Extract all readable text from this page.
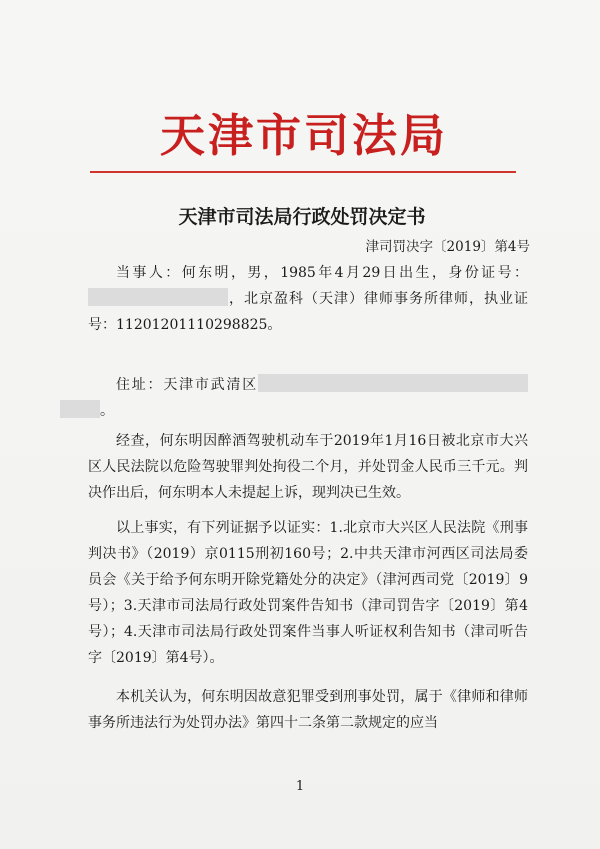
天津市司法局
天津市司法局行政处罚决定书
津司罚决字〔2019〕第4号
当事人：何东明，男，1985年4月29日出生，身份证号：，北京盈科（天津）律师事务所律师，执业证号：11201201110298825。
住址：天津市武清区 。
经查，何东明因醉酒驾驶机动车于2019年1月16日被北京市大兴区人民法院以危险驾驶罪判处拘役二个月，并处罚金人民币三千元。判决作出后，何东明本人未提起上诉，现判决已生效。
以上事实，有下列证据予以证实：1.北京市大兴区人民法院《刑事判决书》（2019）京0115刑初160号；2.中共天津市河西区司法局委员会《关于给予何东明开除党籍处分的决定》（津河西司党〔2019〕9号）；3.天津市司法局行政处罚案件告知书（津司罚告字〔2019〕第4号）；4.天津市司法局行政处罚案件当事人听证权利告知书（津司听告字〔2019〕第4号）。
本机关认为，何东明因故意犯罪受到刑事处罚，属于《律师和律师事务所违法行为处罚办法》第四十二条第二款规定的应当
1
